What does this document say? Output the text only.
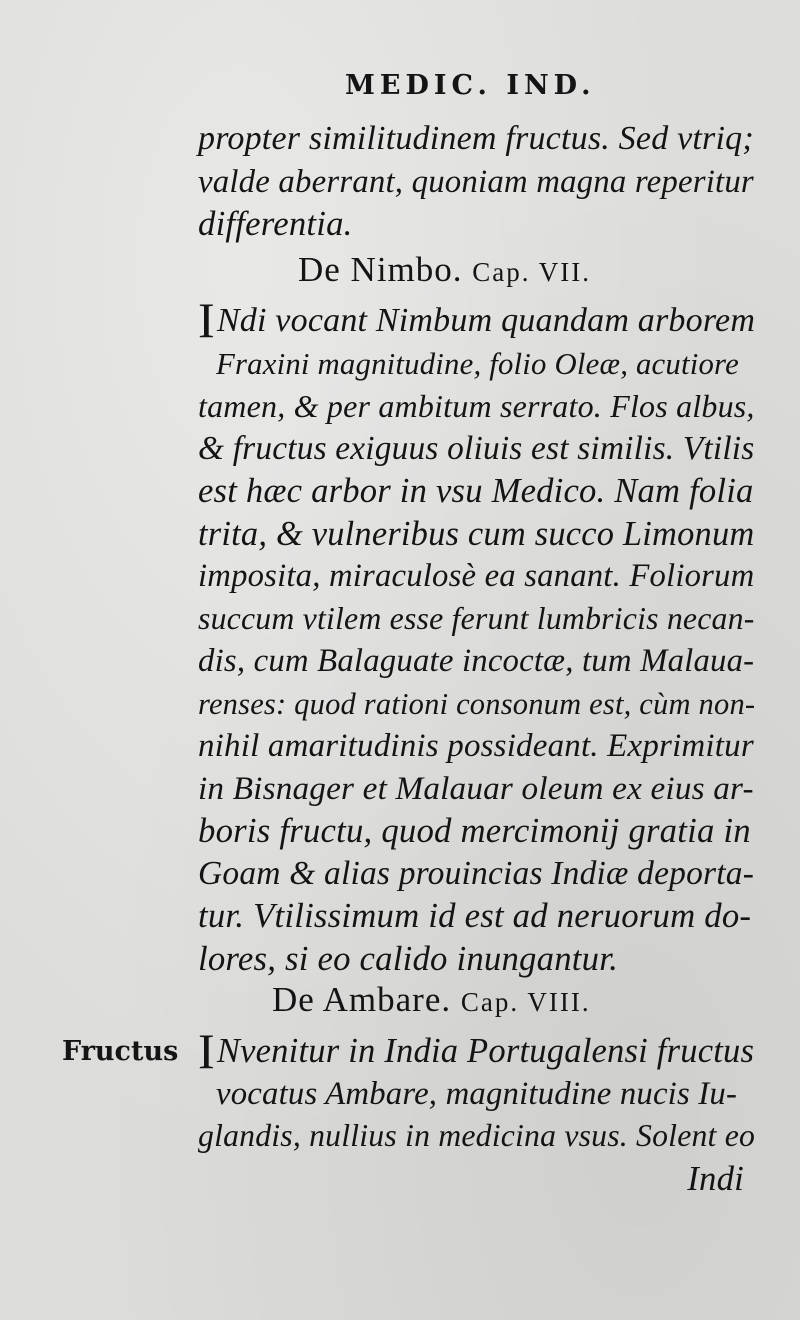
MEDIC. IND.
propter similitudinem fructus. Sed vtriq;
valde aberrant, quoniam magna reperitur
differentia.
De Nimbo. Cap. VII.
INdi vocant Nimbum quandam arborem
Fraxini magnitudine, folio Oleæ, acutiore
tamen, & per ambitum serrato. Flos albus,
& fructus exiguus oliuis est similis. Vtilis
est hæc arbor in vsu Medico. Nam folia
trita, & vulneribus cum succo Limonum
imposita, miraculosè ea sanant. Foliorum
succum vtilem esse ferunt lumbricis necan-
dis, cum Balaguate incoctæ, tum Malaua-
renses: quod rationi consonum est, cùm non-
nihil amaritudinis possideant. Exprimitur
in Bisnager et Malauar oleum ex eius ar-
boris fructu, quod mercimonij gratia in
Goam & alias prouincias Indiæ deporta-
tur. Vtilissimum id est ad neruorum do-
lores, si eo calido inungantur.
De Ambare. Cap. VIII.
Fructus INvenitur in India Portugalensi fructus
vocatus Ambare, magnitudine nucis Iu-
glandis, nullius in medicina vsus. Solent eo
Indi
